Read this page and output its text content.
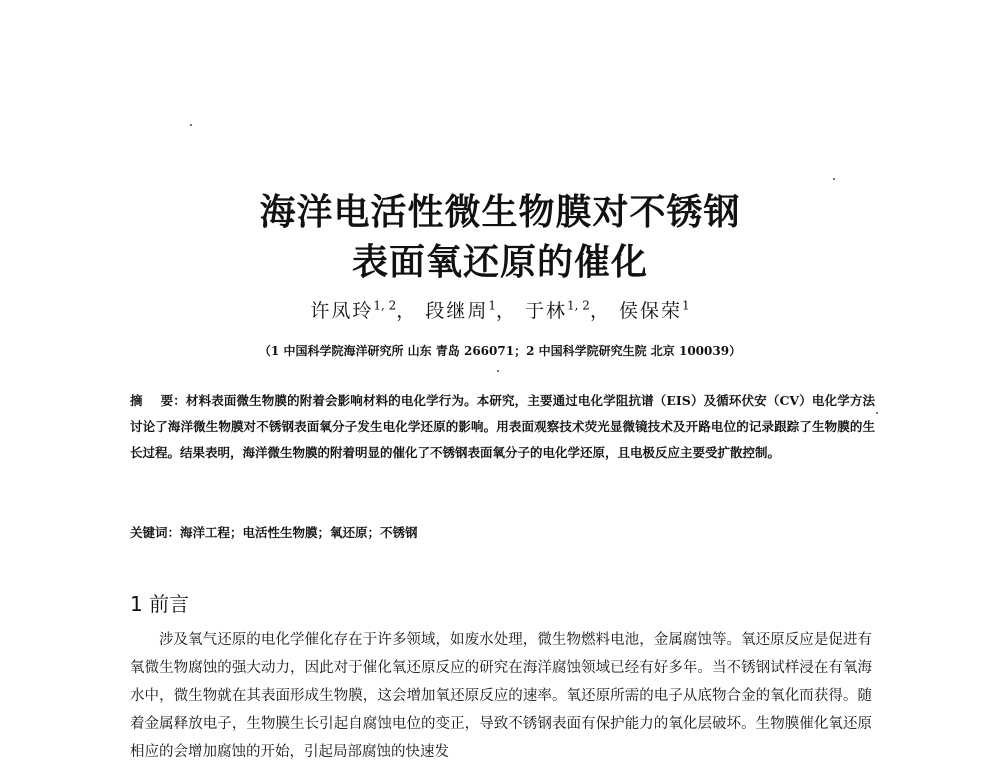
海洋电活性微生物膜对不锈钢
表面氧还原的催化
许凤玲$^{1, 2}$， 段继周$^1$， 于林$^{1, 2}$， 侯保荣$^1$
（1 中国科学院海洋研究所 山东 青岛 266071；2 中国科学院研究生院 北京 100039）
摘    要：材料表面微生物膜的附着会影响材料的电化学行为。本研究，主要通过电化学阻抗谱（EIS）及循环伏安（CV）电化学方法讨论了海洋微生物膜对不锈钢表面氧分子发生电化学还原的影响。用表面观察技术荧光显微镜技术及开路电位的记录跟踪了生物膜的生长过程。结果表明，海洋微生物膜的附着明显的催化了不锈钢表面氧分子的电化学还原，且电极反应主要受扩散控制。
关键词：海洋工程；电活性生物膜；氧还原；不锈钢
1 前言
涉及氧气还原的电化学催化存在于许多领域，如废水处理，微生物燃料电池，金属腐蚀等。氧还原反应是促进有氧微生物腐蚀的强大动力，因此对于催化氧还原反应的研究在海洋腐蚀领域已经有好多年。当不锈钢试样浸在有氧海水中，微生物就在其表面形成生物膜，这会增加氧还原反应的速率。氧还原所需的电子从底物合金的氧化而获得。随着金属释放电子，生物膜生长引起自腐蚀电位的变正，导致不锈钢表面有保护能力的氧化层破坏。生物膜催化氧还原相应的会增加腐蚀的开始，引起局部腐蚀的快速发
